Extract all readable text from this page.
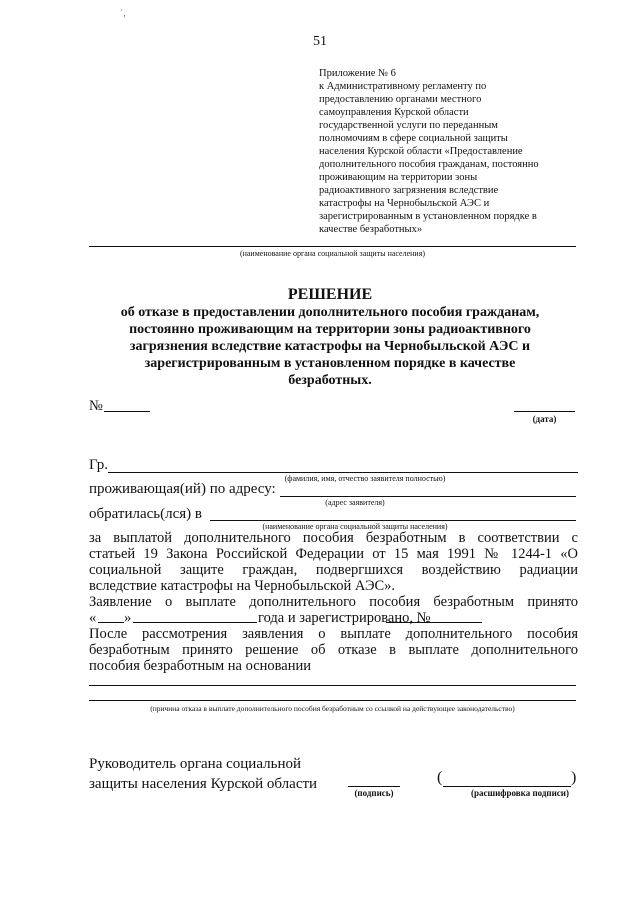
ˊ‚
51
Приложение № 6
к Административному регламенту по
предоставлению органами местного
самоуправления Курской области
государственной услуги по переданным
полномочиям в сфере социальной защиты
населения Курской области «Предоставление
дополнительного пособия гражданам, постоянно
проживающим на территории зоны
радиоактивного загрязнения вследствие
катастрофы на Чернобыльской АЭС и
зарегистрированным в установленном порядке в
качестве безработных»
(наименование органа социальной защиты населения)
РЕШЕНИЕ
об отказе в предоставлении дополнительного пособия гражданам,
постоянно проживающим на территории зоны радиоактивного
загрязнения вследствие катастрофы на Чернобыльской АЭС и
зарегистрированным в установленном порядке в качестве
безработных.
№
(дата)
Гр.
(фамилия, имя, отчество заявителя полностью)
проживающая(ий) по адресу:
(адрес заявителя)
обратилась(лся) в
(наименование органа социальной защиты населения)
за выплатой дополнительного пособия безработным в соответствии с
статьей 19 Закона Российской Федерации от 15 мая 1991 № 1244-1 «О
социальной защите граждан, подвергшихся воздействию радиации
вследствие катастрофы на Чернобыльской АЭС».
Заявление о выплате дополнительного пособия безработным принято
« »	года и зарегистрировано, №
После рассмотрения заявления о выплате дополнительного пособия
безработным принято решение об отказе в выплате дополнительного
пособия безработным на основании
(причина отказа в выплате дополнительного пособия безработным со ссылкой на действующее законодательство)
Руководитель органа социальной
защиты населения Курской области
(подпись)
(	)
(расшифровка подписи)
